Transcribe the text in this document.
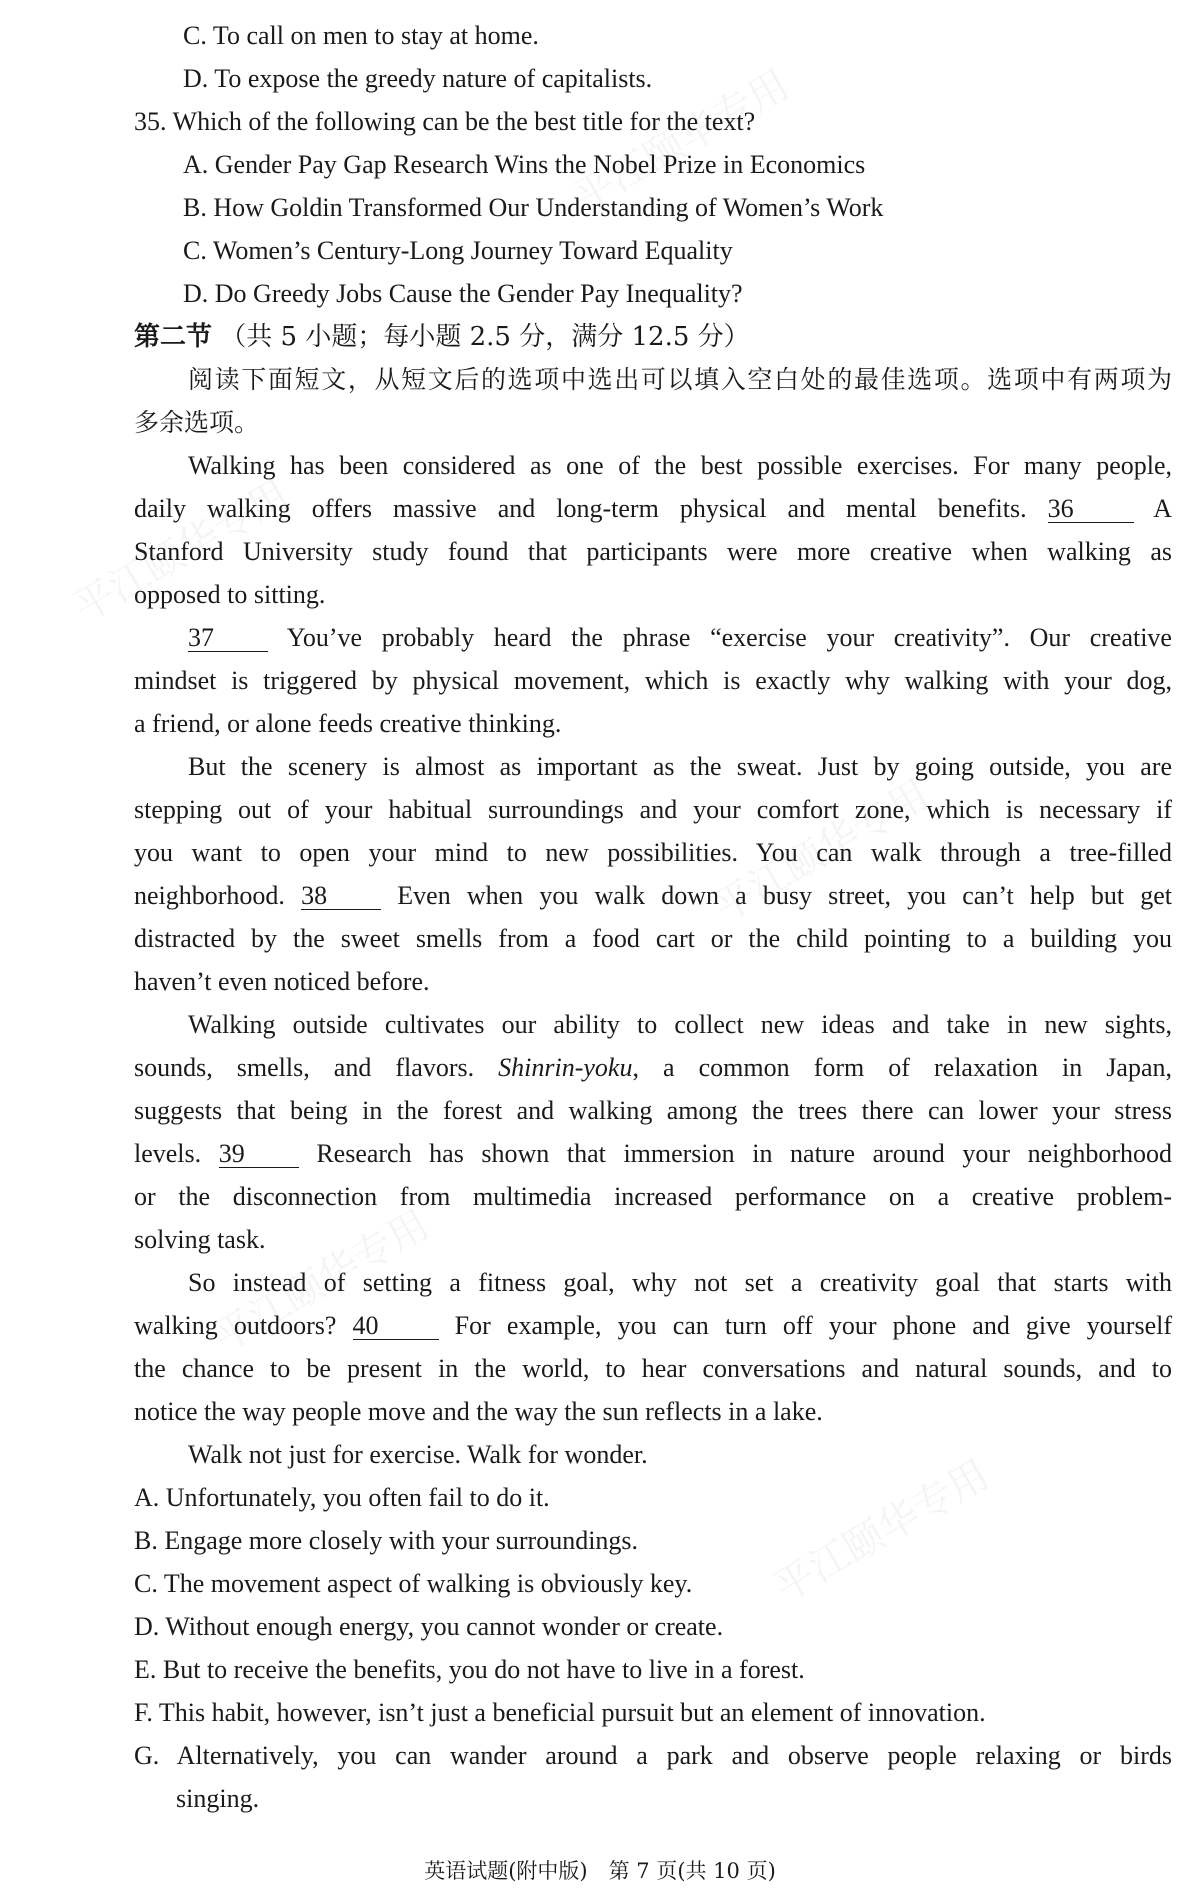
C. To call on men to stay at home.
D. To expose the greedy nature of capitalists.
35. Which of the following can be the best title for the text?
A. Gender Pay Gap Research Wins the Nobel Prize in Economics
B. How Goldin Transformed Our Understanding of Women’s Work
C. Women’s Century-Long Journey Toward Equality
D. Do Greedy Jobs Cause the Gender Pay Inequality?
第二节 （共 5 小题；每小题 2.5 分，满分 12.5 分）
阅读下面短文，从短文后的选项中选出可以填入空白处的最佳选项。选项中有两项为
多余选项。
Walking has been considered as one of the best possible exercises. For many people,
daily walking offers massive and long-term physical and mental benefits. 36	A
Stanford University study found that participants were more creative when walking as
opposed to sitting.
37	You’ve probably heard the phrase “exercise your creativity”. Our creative
mindset is triggered by physical movement, which is exactly why walking with your dog,
a friend, or alone feeds creative thinking.
But the scenery is almost as important as the sweat. Just by going outside, you are
stepping out of your habitual surroundings and your comfort zone, which is necessary if
you want to open your mind to new possibilities. You can walk through a tree-filled
neighborhood. 38	Even when you walk down a busy street, you can’t help but get
distracted by the sweet smells from a food cart or the child pointing to a building you
haven’t even noticed before.
Walking outside cultivates our ability to collect new ideas and take in new sights,
sounds, smells, and flavors. Shinrin-yoku, a common form of relaxation in Japan,
suggests that being in the forest and walking among the trees there can lower your stress
levels. 39	Research has shown that immersion in nature around your neighborhood
or the disconnection from multimedia increased performance on a creative problem-
solving task.
So instead of setting a fitness goal, why not set a creativity goal that starts with
walking outdoors? 40	For example, you can turn off your phone and give yourself
the chance to be present in the world, to hear conversations and natural sounds, and to
notice the way people move and the way the sun reflects in a lake.
Walk not just for exercise. Walk for wonder.
A. Unfortunately, you often fail to do it.
B. Engage more closely with your surroundings.
C. The movement aspect of walking is obviously key.
D. Without enough energy, you cannot wonder or create.
E. But to receive the benefits, you do not have to live in a forest.
F. This habit, however, isn’t just a beneficial pursuit but an element of innovation.
G. Alternatively, you can wander around a park and observe people relaxing or birds
singing.
英语试题(附中版)　第 7 页(共 10 页)
